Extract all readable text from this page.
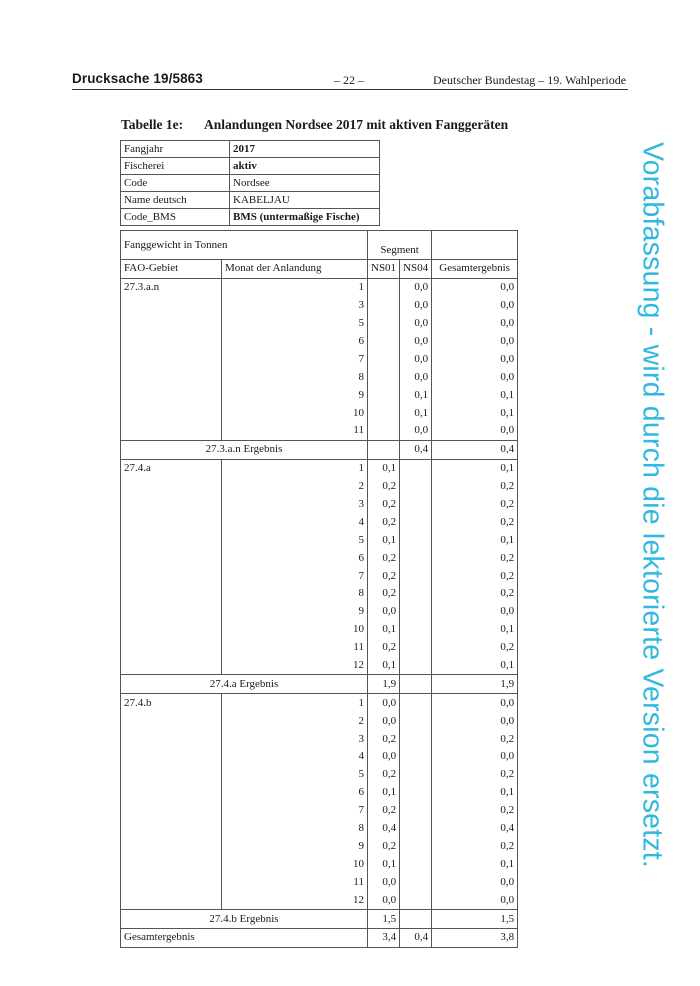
Drucksache 19/5863	– 22 –	Deutscher Bundestag – 19. Wahlperiode
Tabelle 1e: Anlandungen Nordsee 2017 mit aktiven Fanggeräten
Vorabfassung - wird durch die lektorierte Version ersetzt.
Fangjahr	2017
Fischerei	aktiv
Code	Nordsee
Name deutsch	KABELJAU
Code_BMS	BMS (untermaßige Fische)
Fanggewicht in Tonnen		Segment		
FAO-Gebiet	Monat der Anlandung	NS01	NS04	Gesamtergebnis
27.3.a.n	1		0,0	0,0
	3		0,0	0,0
	5		0,0	0,0
	6		0,0	0,0
	7		0,0	0,0
	8		0,0	0,0
	9		0,1	0,1
	10		0,1	0,1
	11		0,0	0,0
27.3.a.n Ergebnis			0,4	0,4
27.4.a	1	0,1		0,1
	2	0,2		0,2
	3	0,2		0,2
	4	0,2		0,2
	5	0,1		0,1
	6	0,2		0,2
	7	0,2		0,2
	8	0,2		0,2
	9	0,0		0,0
	10	0,1		0,1
	11	0,2		0,2
	12	0,1		0,1
27.4.a Ergebnis		1,9		1,9
27.4.b	1	0,0		0,0
	2	0,0		0,0
	3	0,2		0,2
	4	0,0		0,0
	5	0,2		0,2
	6	0,1		0,1
	7	0,2		0,2
	8	0,4		0,4
	9	0,2		0,2
	10	0,1		0,1
	11	0,0		0,0
	12	0,0		0,0
27.4.b Ergebnis		1,5		1,5
Gesamtergebnis		3,4	0,4	3,8
